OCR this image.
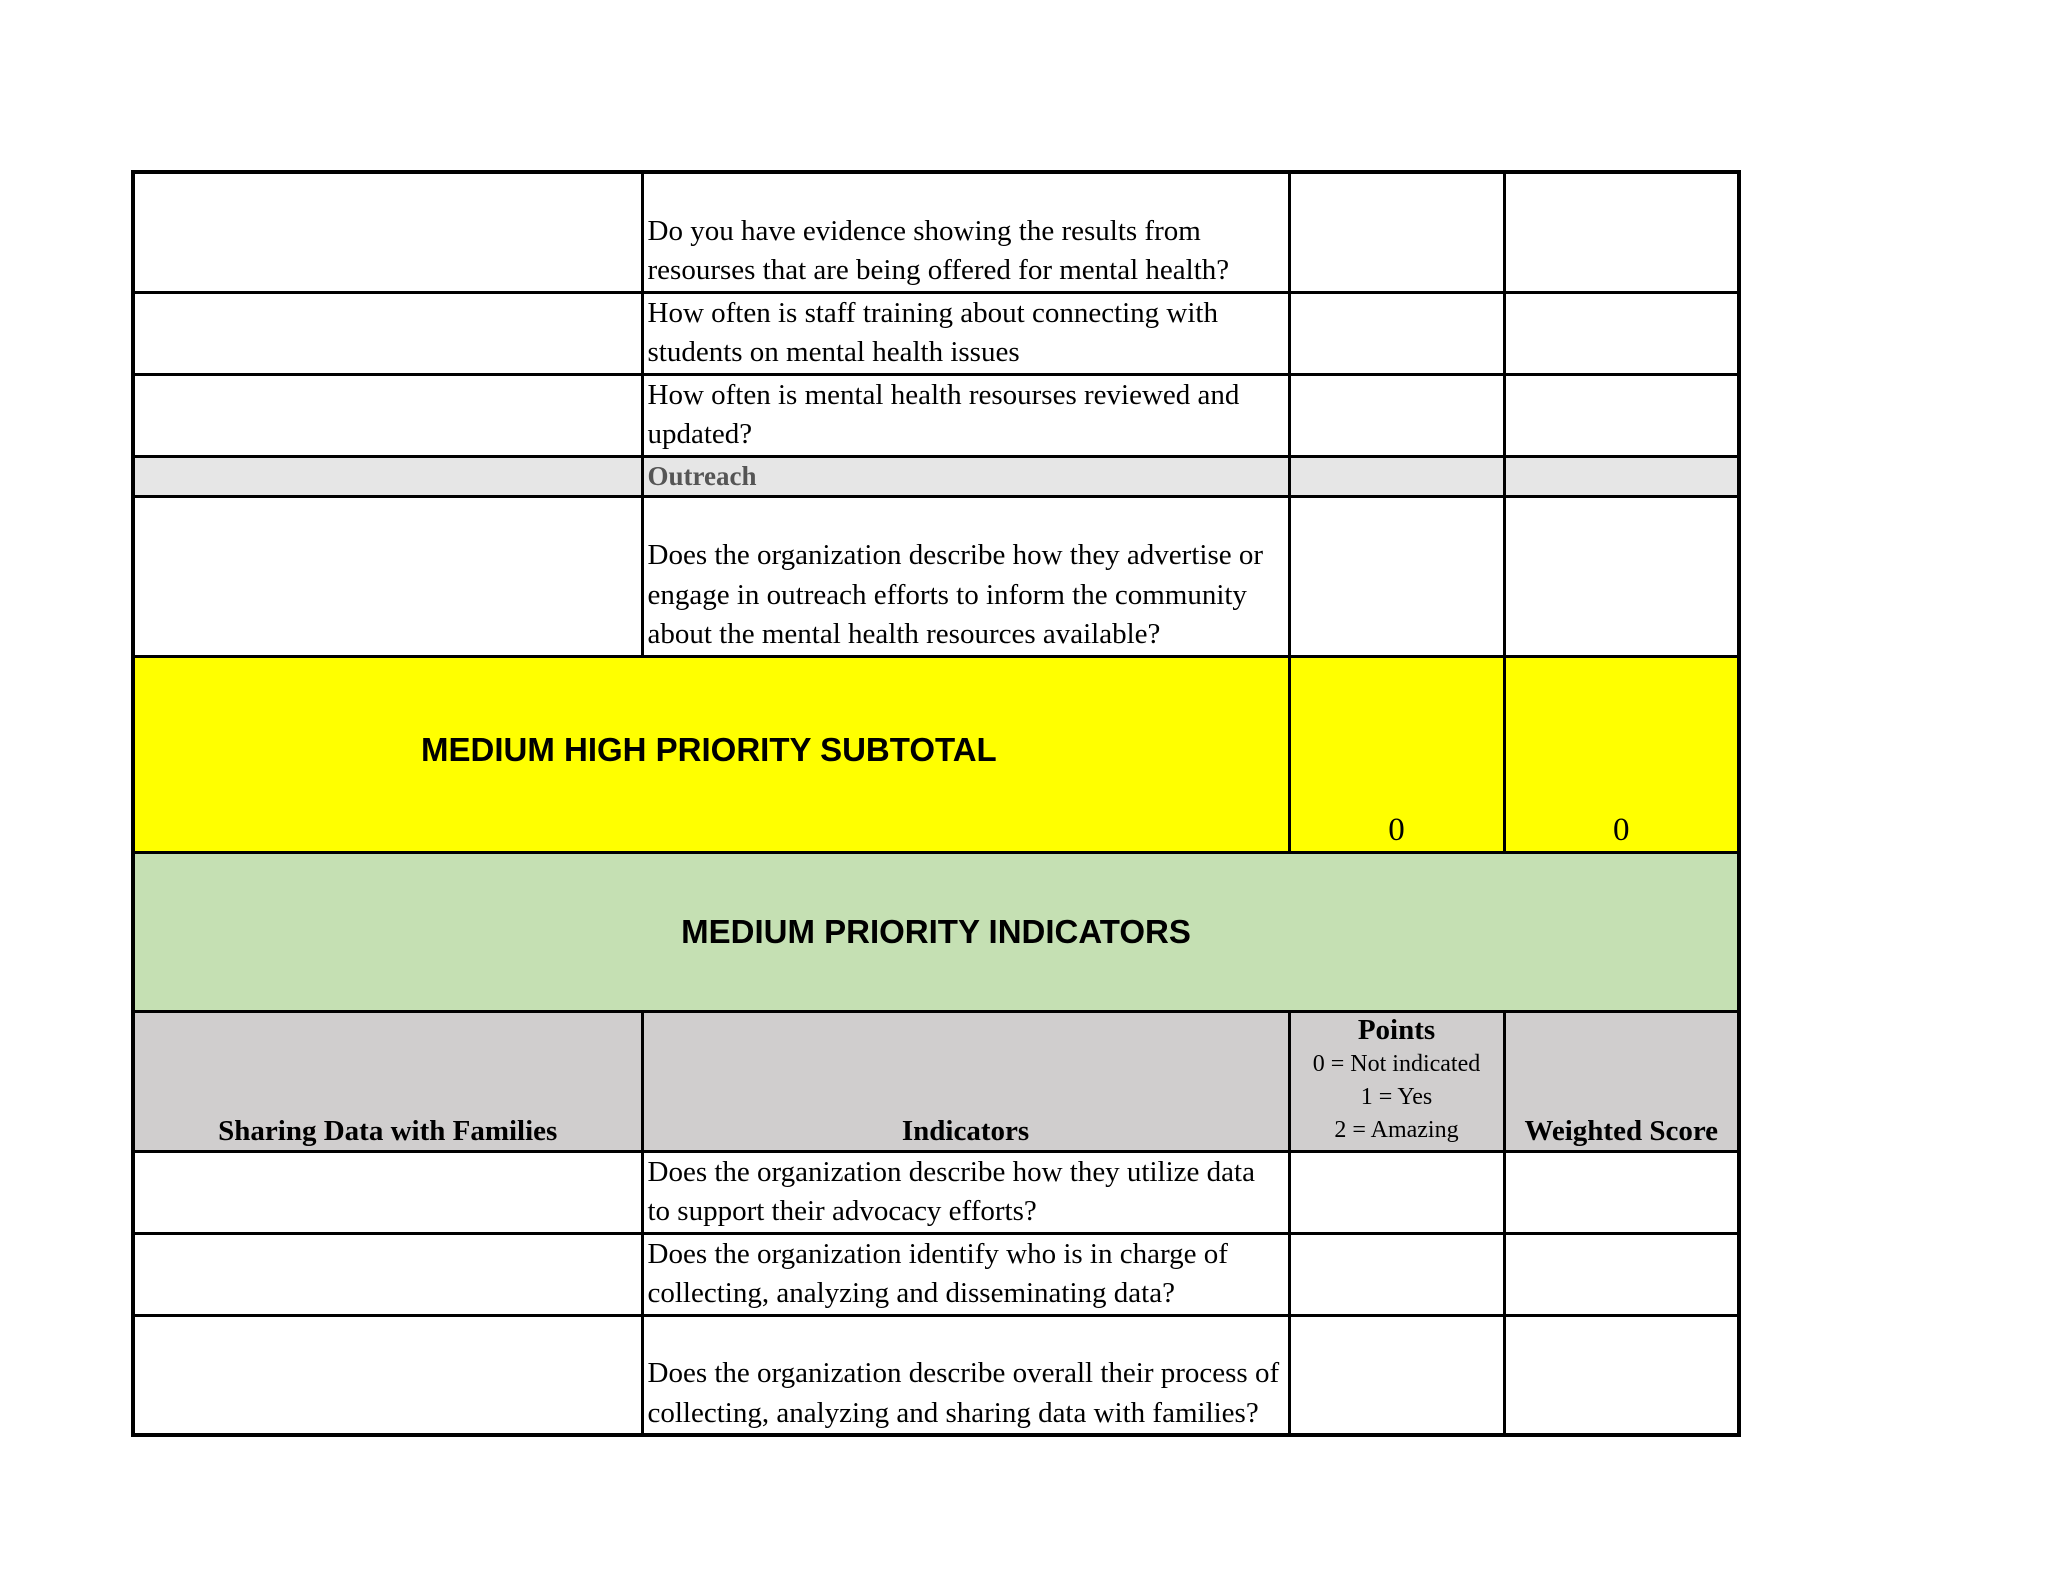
	Do you have evidence showing the results from resourses that are being offered for mental health?		
	How often is staff training about connecting with students on mental health issues		
	How often is mental health resourses reviewed and updated?		
	Outreach		
	Does the organization describe how they advertise or engage in outreach efforts to inform the community about the mental health resources available?		
MEDIUM HIGH PRIORITY SUBTOTAL		0	0
MEDIUM PRIORITY INDICATORS			
Sharing Data with Families	Indicators	Points
0 = Not indicated
1 = Yes
2 = Amazing	Weighted Score
	Does the organization describe how they utilize data to support their advocacy efforts?		
	Does the organization identify who is in charge of collecting, analyzing and disseminating data?		
	Does the organization describe overall their process of collecting, analyzing and sharing data with families?		
